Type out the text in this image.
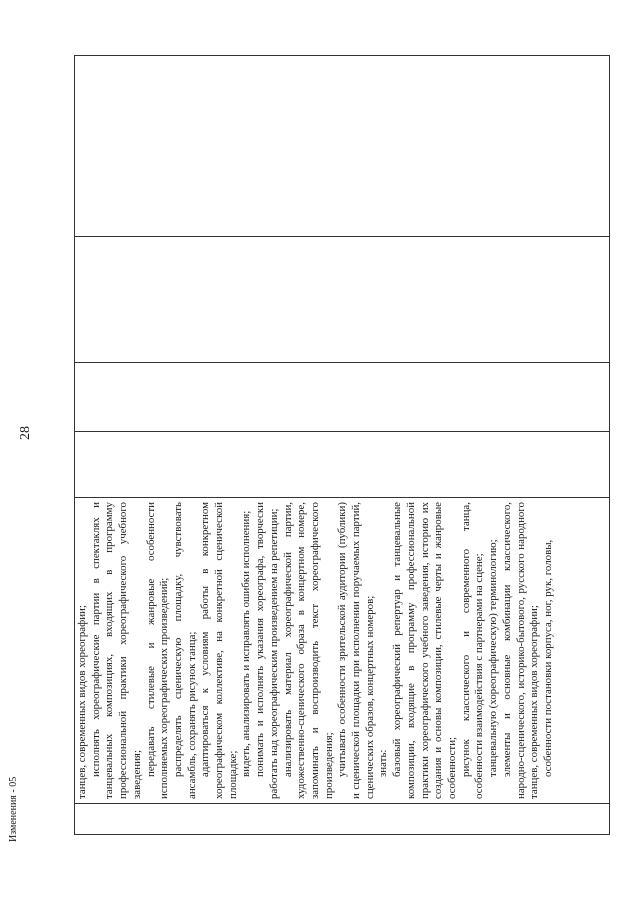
28

танцев, современных видов хореографии; исполнять хореографические партии в спектаклях и танцевальных композициях, входящих в программу профессиональной практики хореографического учебного заведения; передавать стилевые и жанровые особенности исполняемых хореографических произведений; распределять сценическую площадку, чувствовать ансамбль, сохранять рисунок танца; адаптироваться к условиям работы в конкретном хореографическом коллективе, на конкретной сценической площадке; видеть, анализировать и исправлять ошибки исполнения; понимать и исполнять указания хореографа, творчески работать над хореографическим произведением на репетиции; анализировать материал хореографической партии, художественно-сценического образа в концертном номере, запоминать и воспроизводить текст хореографического произведения; учитывать особенности зрительской аудитории (публики) и сценической площадки при исполнении поручаемых партий, сценических образов, концертных номеров; знать: базовый хореографический репертуар и танцевальные композиции, входящие в программу профессиональной практики хореографического учебного заведения, историю их создания и основы композиции, стилевые черты и жанровые особенности; рисунок классического и современного танца, особенности взаимодействия с партнерами на сцене; танцевальную (хореографическую) терминологию; элементы и основные комбинации классического, народно-сценического, историко-бытового, русского народного танцев, современных видов хореографии; особенности постановки корпуса, ног, рук, головы,

Изменения - 05
